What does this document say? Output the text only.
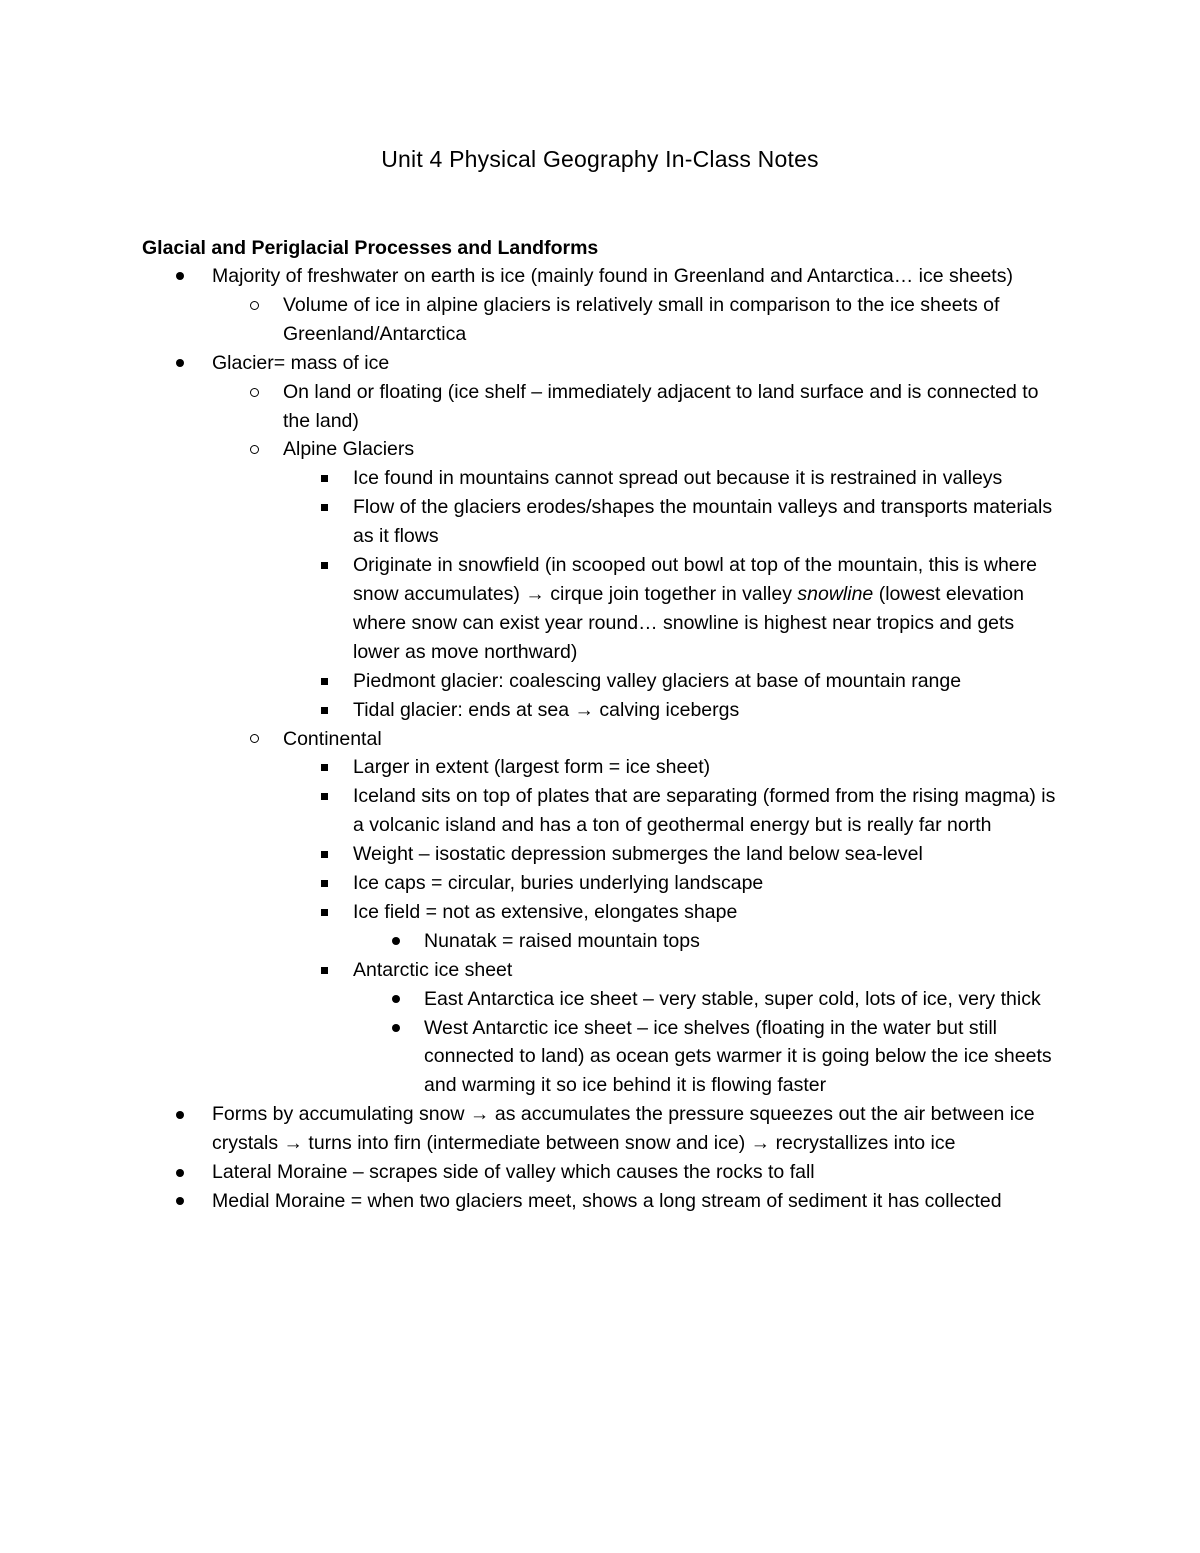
Unit 4 Physical Geography In-Class Notes
Glacial and Periglacial Processes and Landforms
Majority of freshwater on earth is ice (mainly found in Greenland and Antarctica… ice sheets)
Volume of ice in alpine glaciers is relatively small in comparison to the ice sheets of Greenland/Antarctica
Glacier= mass of ice
On land or floating (ice shelf – immediately adjacent to land surface and is connected to the land)
Alpine Glaciers
Ice found in mountains cannot spread out because it is restrained in valleys
Flow of the glaciers erodes/shapes the mountain valleys and transports materials as it flows
Originate in snowfield (in scooped out bowl at top of the mountain, this is where snow accumulates) → cirque join together in valley snowline (lowest elevation where snow can exist year round… snowline is highest near tropics and gets lower as move northward)
Piedmont glacier: coalescing valley glaciers at base of mountain range
Tidal glacier: ends at sea → calving icebergs
Continental
Larger in extent (largest form = ice sheet)
Iceland sits on top of plates that are separating (formed from the rising magma) is a volcanic island and has a ton of geothermal energy but is really far north
Weight – isostatic depression submerges the land below sea-level
Ice caps = circular, buries underlying landscape
Ice field = not as extensive, elongates shape
Nunatak = raised mountain tops
Antarctic ice sheet
East Antarctica ice sheet – very stable, super cold, lots of ice, very thick
West Antarctic ice sheet – ice shelves (floating in the water but still connected to land) as ocean gets warmer it is going below the ice sheets and warming it so ice behind it is flowing faster
Forms by accumulating snow → as accumulates the pressure squeezes out the air between ice crystals → turns into firn (intermediate between snow and ice) → recrystallizes into ice
Lateral Moraine – scrapes side of valley which causes the rocks to fall
Medial Moraine = when two glaciers meet, shows a long stream of sediment it has collected
